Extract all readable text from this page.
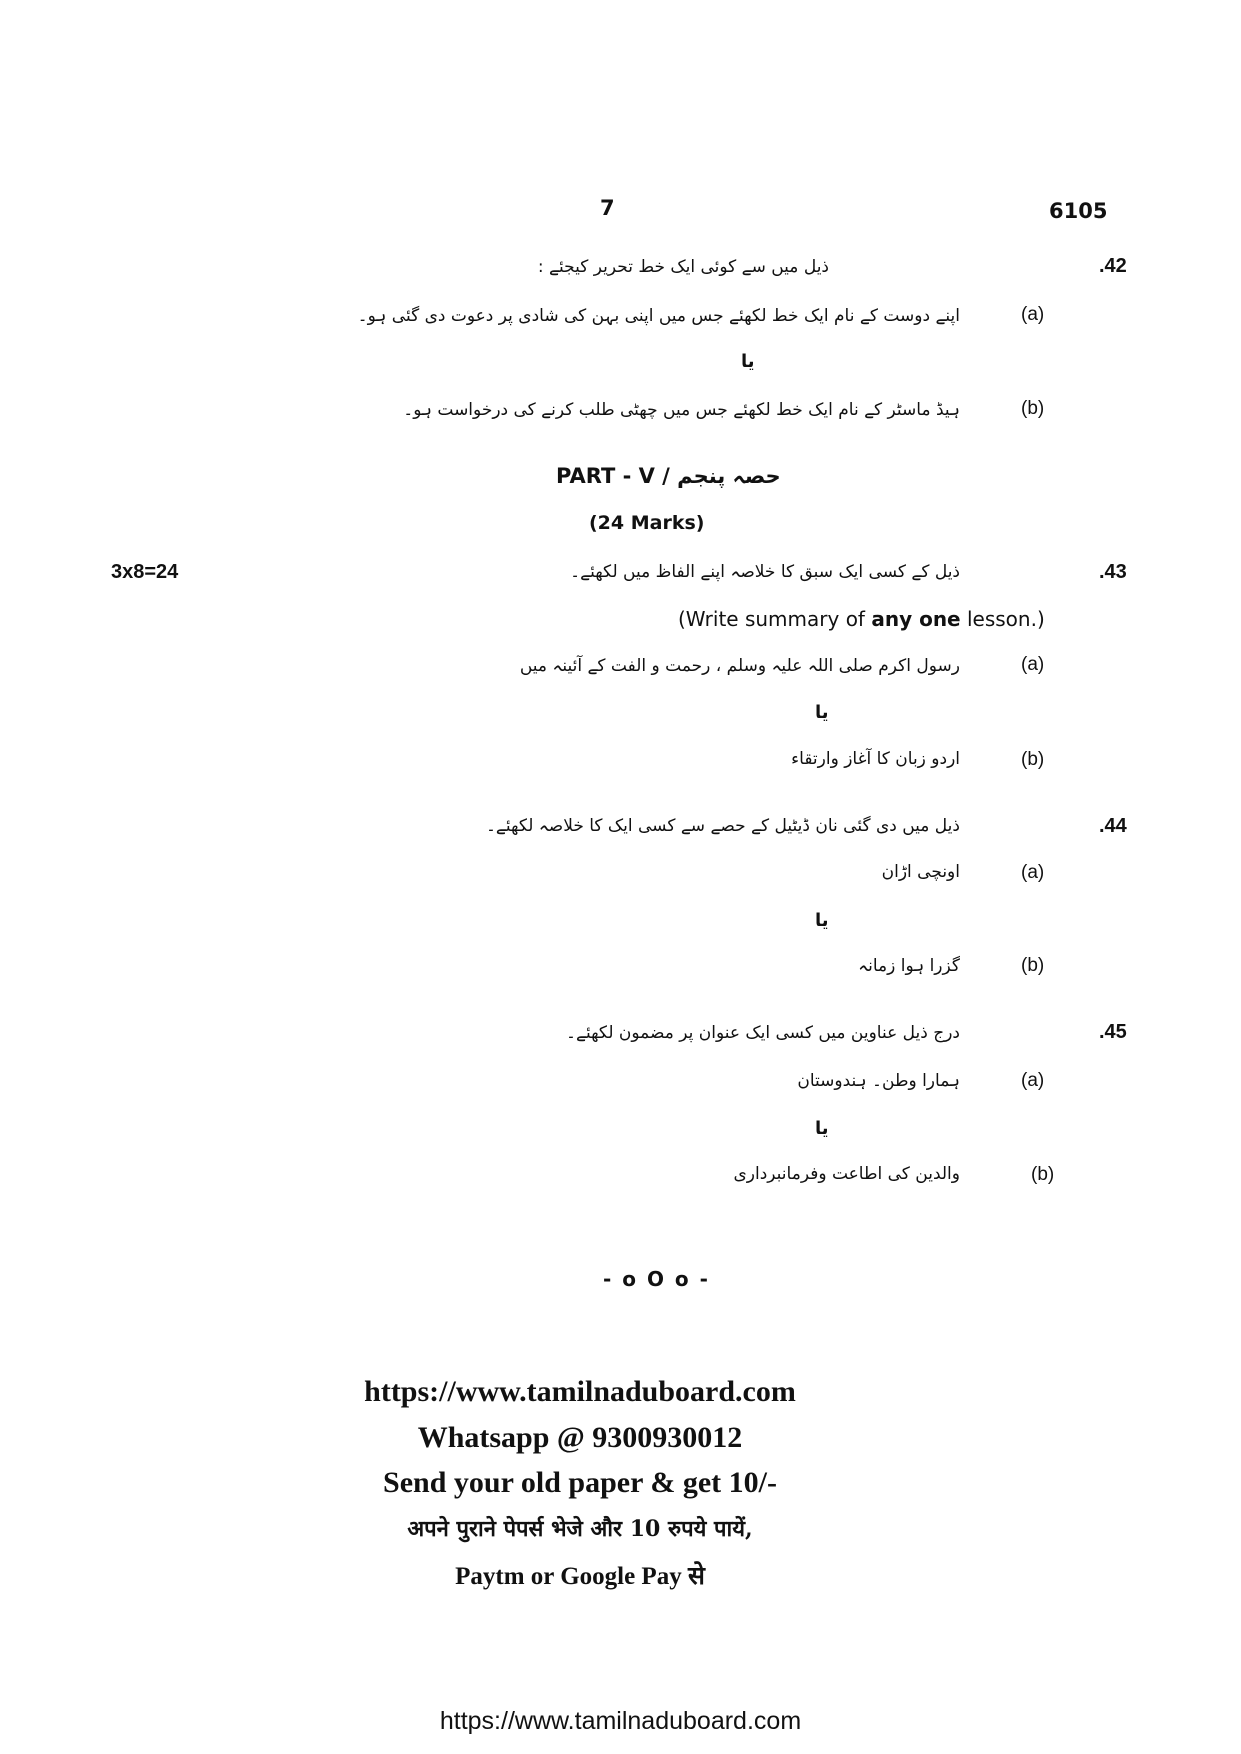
7	6105
.42
ذیل میں سے کوئی ایک خط تحریر کیجئے :
(a)
اپنے دوست کے نام ایک خط لکھئے جس میں اپنی بہن کی شادی پر دعوت دی گئی ہو۔
یا
(b)
ہیڈ ماسٹر کے نام ایک خط لکھئے جس میں چھٹی طلب کرنے کی درخواست ہو۔
PART - V / حصہ پنجم
(24 Marks)
3x8=24	.43
ذیل کے کسی ایک سبق کا خلاصہ اپنے الفاظ میں لکھئے۔
(Write summary of any one lesson.)
(a)
رسول اکرم صلی اللہ علیہ وسلم ، رحمت و الفت کے آئینہ میں
یا
(b)
اردو زبان کا آغاز وارتقاء
.44
ذیل میں دی گئی نان ڈیٹیل کے حصے سے کسی ایک کا خلاصہ لکھئے۔
(a)
اونچی اڑان
یا
(b)
گزرا ہوا زمانہ
.45
درج ذیل عناوین میں کسی ایک عنوان پر مضمون لکھئے۔
(a)
ہمارا وطن۔ ہندوستان
یا
(b)
والدین کی اطاعت وفرمانبرداری
- o O o -
https://www.tamilnaduboard.com
Whatsapp @ 9300930012
Send your old paper & get 10/-
अपने पुराने पेपर्स भेजे और 10 रुपये पायें,
Paytm or Google Pay से
https://www.tamilnaduboard.com
